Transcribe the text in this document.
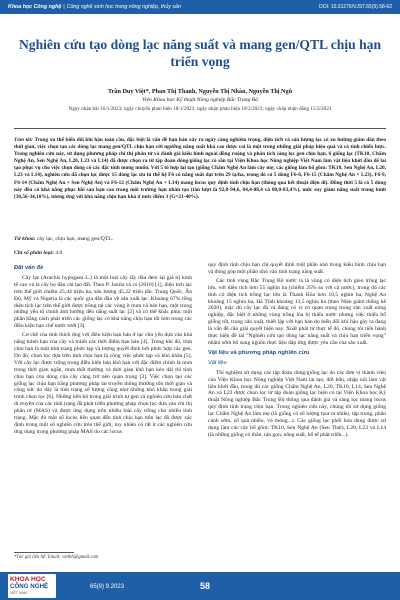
Khoa học Công nghệ | Công nghệ sinh học trong nông nghiệp, thủy sản	DOI: 10.31276/VJST.65(9).58-62
Nghiên cứu tạo dòng lạc năng suất và mang gen/QTL chịu hạn triển vọng
Trần Duy Việt*, Phan Thị Thanh, Nguyễn Thị Nhàn, Nguyễn Thị Ngũ
Viện Khoa học Kỹ thuật Nông nghiệp Bắc Trung Bộ
Ngày nhận bài 16/1/2023; ngày chuyển phản biện 18/1/2023; ngày nhận phản biện 10/2/2023; ngày chấp nhận đăng 15/2/2023
Tóm tắt: Trong xu thế biến đổi khí hậu toàn cầu, đặc biệt là vấn đề hạn hán xảy ra ngày càng nghiêm trọng, diện tích và sản lượng lạc có xu hướng giảm dần theo thời gian, việc chọn tạo các dòng lạc mang gen/QTL chịu hạn với ngưỡng năng suất khá cao được coi là một trong những giải pháp hiệu quả và có tính chiến lược. Trong nghiên cứu này, sử dụng phương pháp chỉ thị phân tử và đánh giá kiểu hình ngoài đồng ruộng và phân tích sàng lọc gen chịu hạn, 6 giống lạc (TK10, Chấm Nghệ An, Sen Nghệ An, L20, L23 và L14) đã được chọn ra từ tập đoàn dòng/giống lạc có sẵn tại Viện Khoa học Nông nghiệp Việt Nam làm vật liệu khởi đầu để lai tạo phục vụ cho việc chọn dòng có các đặc tính mong muốn. Với 5 tổ hợp lai tạo (giống Chấm Nghệ An làm cây mẹ; các giống làm bố gồm: TK10, Sen Nghệ An, L20, L23 và L14), nghiên cứu đã chọn lọc được 15 dòng lạc ưu tú thế hệ F6 có năng suất đạt trên 29 tạ/ha, trong đó có 5 dòng F6-6, F6-15 (Chấm Nghệ An × L23), F6-9, F6-14 (Chấm Nghệ An × Sen Nghệ An) và F6-12 (Chấm Nghệ An × L14) mang locus quy định tính chịu hạn (thông qua kết thuật điện di). Đồng thời 5 là có 5 dòng này đều có khả năng phục hồi sau hạn cao trong môi trường hạn nhân tạo (tần lượt là 92,8-94,6, 84,4-88,4 và 80,0-83,4%), mức suy giảm năng suất trung bình (30,56-34,10%), tương ứng với khả năng chịu hạn khá ở mức điểm 3 (G=21-40%).
Từ khóa: cây lạc, chịu hạn, mang gen/QTL.
Chỉ số phân loại: 4.6
Đặt vấn đề

Cây lạc (Arachis hypogaea L.) là một loại cây lấy dầu đem lại giá trị kinh tế cao và là cây họ đậu cải tạo đất. Theo P. Janila và cs (2016) [1], diện tích lạc trên thế giới chiếm 25,44 triệu ha, sản lượng 45,22 triệu tấn. Trung Quốc, Ấn Độ, Mỹ và Nigeria là các quốc gia dẫn đầu về sản xuất lạc. Khoảng 67% tổng diện tích lạc trên thế giới được trồng tại các vùng ít mưa và bán hạn, một trong những yếu tố chính ảnh hưởng đến năng suất lạc [2] và có thể khắc phục một phần bằng cách phát triển các giống lạc có khả năng chịu hạn tốt hơn trong các điều kiện hạn chế nước tưới [3].

Cơ chế của tính thích ứng với điều kiện hạn hán ở lạc chủ yếu dựa vào khả năng tránh hạn của cây và tránh các thời điểm hạn hán [4]. Trong khi đó, tính chịu hạn là một tính trạng phức tạp và lượng quyết định bởi phức hợp các gen. Do đó, chọn lọc dựa trên tính chịu hạn là công việc phức tạp và khó khăn [5]. Với cây lạc được trồng trong điều kiện bán khô hạn với đặc điểm chính là mưa trong thời gian ngắn, mưa thất thường và thời gian khô hạn kéo dài thì tính chịu hạn của dòng của cây càng trở nên quan trọng [3]. Việc chọn tạo các giống lạc chịu hạn bằng phương pháp lai truyền thống thường tốn thời gian và công sức do dây là tính trạng số lượng cũng như những khó khăn trong giải trình chọn lọc [6]. Những tiến bộ trong giải trình tự gen và nghiên cứu bản chất di truyền của các tính trạng đã phát triển phương pháp chọn lọc dựa vào chỉ thị phân tử (MAS) và được ứng dụng trên nhiều loài cây trồng cho nhiều tính trạng. Mặc dù một số locus liên quan đến tính chịu hạn trên lạc đã được xác định trong một số nghiên cứu trên thế giới, tuy nhiên có rất ít các nghiên cứu ứng dụng trong phương pháp MAS do các locus

quy định tính chịu hạn chỉ quyết định một phần nhỏ trong kiểu hình chịu hạn và đóng góp một phần nhỏ vào tính trạng năng suất.

Các tỉnh vùng Bắc Trung Bộ nước ta là vùng có diện tích gieo trồng lạc lớn, với diện tích hơn 55 nghìn ha (chiếm 25% so với cả nước), trong đó các tỉnh có diện tích trồng lạc lớn là Thanh Hóa hơn 10,5 nghìn ha, Nghệ An khoảng 15 nghìn ha, Hà Tĩnh khoảng 13,5 nghìn ha (theo Niên giám thống kê 2020), mặc dù cây lạc đã và đang có vị trí quan trọng trong sản xuất nông nghiệp, đặc biệt ở những vùng trồng lúa bị thiếu nước nhưng việc thiếu bổ giống tốt, trong sản xuất, thiết lập với hạn hán do biến đổi khí hậu gây ra đang là vấn đề cần giải quyết hiện nay. Xuất phát từ thực tế đó, chúng tôi tiến hành thực hiện đề tài "Nghiên cứu tạo dòng lạc năng suất và chịu hạn triển vọng" nhằm sớm bổ sung nguồn thực liệu đáp ứng được yêu cầu của sản xuất.

Vật liệu và phương pháp nghiên cứu
Vật liệu

Thí nghiệm sử dụng các tập đoàn dòng/giống lạc do các đơn vị thành viên của Viện Khoa học Nông nghiệp Việt Nam lai tạo, đời bốn, nhập nội làm vật liệu khởi đầu, trong đó các giống Chấm Nghệ An, L20, TK10, L14, Sen Nghệ An và L23 được chọn lọc từ tập đoàn giống lạc hiện có tại Viện Khoa học Kỹ thuật Nông nghiệp Bắc Trung Bộ thông qua đánh giá và sàng lọc mang locus quy định tính trạng chịu hạn. Trong nghiên cứu này, chúng tôi sử dụng giống lạc Chấm Nghệ An làm mẹ (là giống có số lượng hoa ra nhiều, tập trung, phân cành sớm, số quả nhiều, vỏ mỏng...). Các giống lạc phối hóa dùng được sử dụng làm các cây bố gồm: TK10, Sen Nghệ An (Sen Thải), L20, L23 và L14 (là những giống có thân, tán gọn, năng suất, bổ tế phát triển...).

*Tác giả liên hệ: Email: vietbh@gmail.com
KHOA HỌC
CÔNG NGHỆ
VIỆT NAM
65(9) 9.2023	58
